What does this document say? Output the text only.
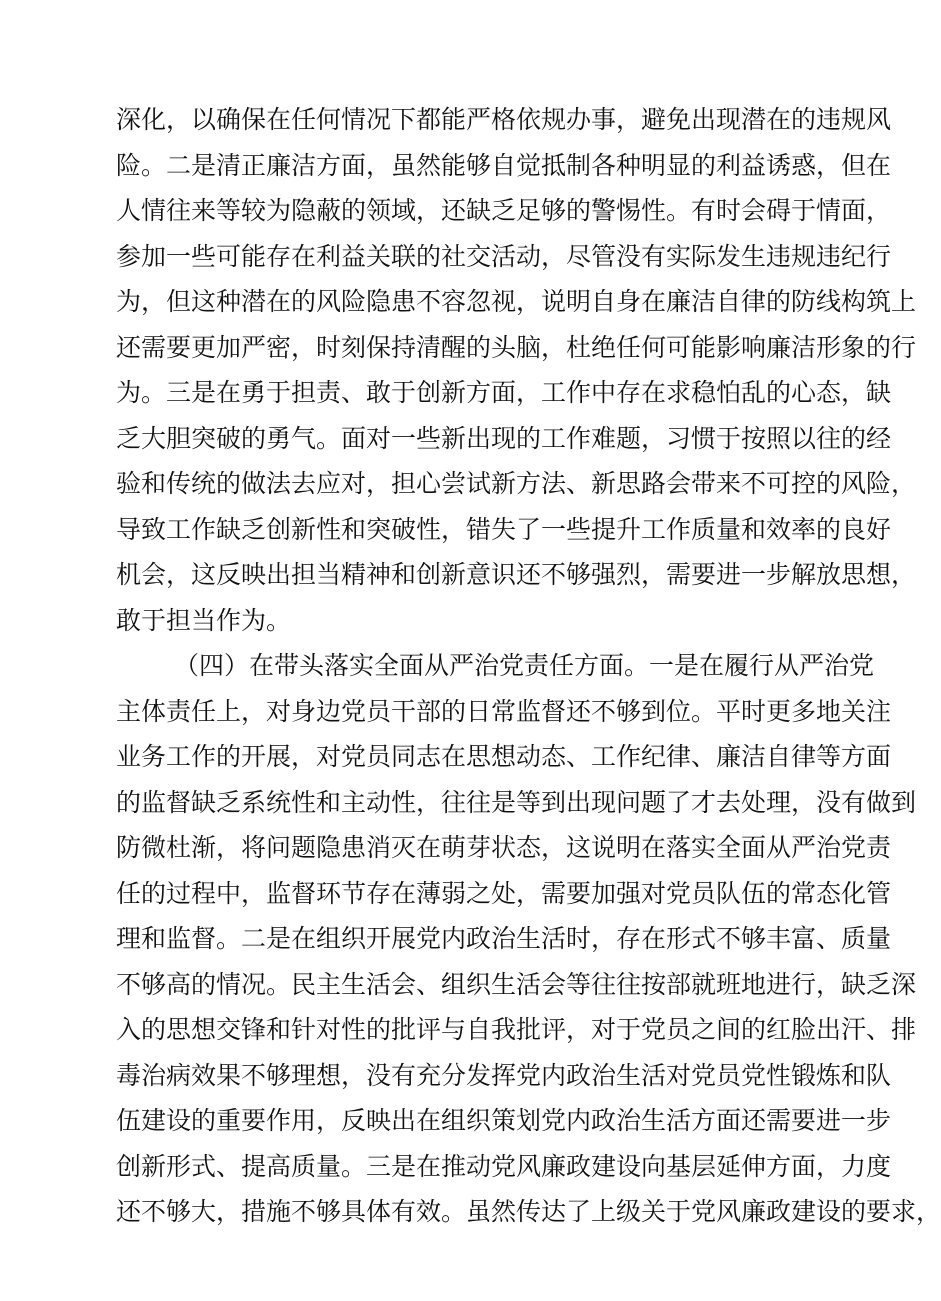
深化，以确保在任何情况下都能严格依规办事，避免出现潜在的违规风
险。二是清正廉洁方面，虽然能够自觉抵制各种明显的利益诱惑，但在
人情往来等较为隐蔽的领域，还缺乏足够的警惕性。有时会碍于情面，
参加一些可能存在利益关联的社交活动，尽管没有实际发生违规违纪行
为，但这种潜在的风险隐患不容忽视，说明自身在廉洁自律的防线构筑上
还需要更加严密，时刻保持清醒的头脑，杜绝任何可能影响廉洁形象的行
为。三是在勇于担责、敢于创新方面，工作中存在求稳怕乱的心态，缺
乏大胆突破的勇气。面对一些新出现的工作难题，习惯于按照以往的经
验和传统的做法去应对，担心尝试新方法、新思路会带来不可控的风险，
导致工作缺乏创新性和突破性，错失了一些提升工作质量和效率的良好
机会，这反映出担当精神和创新意识还不够强烈，需要进一步解放思想，
敢于担当作为。
（四）在带头落实全面从严治党责任方面。一是在履行从严治党
主体责任上，对身边党员干部的日常监督还不够到位。平时更多地关注
业务工作的开展，对党员同志在思想动态、工作纪律、廉洁自律等方面
的监督缺乏系统性和主动性，往往是等到出现问题了才去处理，没有做到
防微杜渐，将问题隐患消灭在萌芽状态，这说明在落实全面从严治党责
任的过程中，监督环节存在薄弱之处，需要加强对党员队伍的常态化管
理和监督。二是在组织开展党内政治生活时，存在形式不够丰富、质量
不够高的情况。民主生活会、组织生活会等往往按部就班地进行，缺乏深
入的思想交锋和针对性的批评与自我批评，对于党员之间的红脸出汗、排
毒治病效果不够理想，没有充分发挥党内政治生活对党员党性锻炼和队
伍建设的重要作用，反映出在组织策划党内政治生活方面还需要进一步
创新形式、提高质量。三是在推动党风廉政建设向基层延伸方面，力度
还不够大，措施不够具体有效。虽然传达了上级关于党风廉政建设的要求，
